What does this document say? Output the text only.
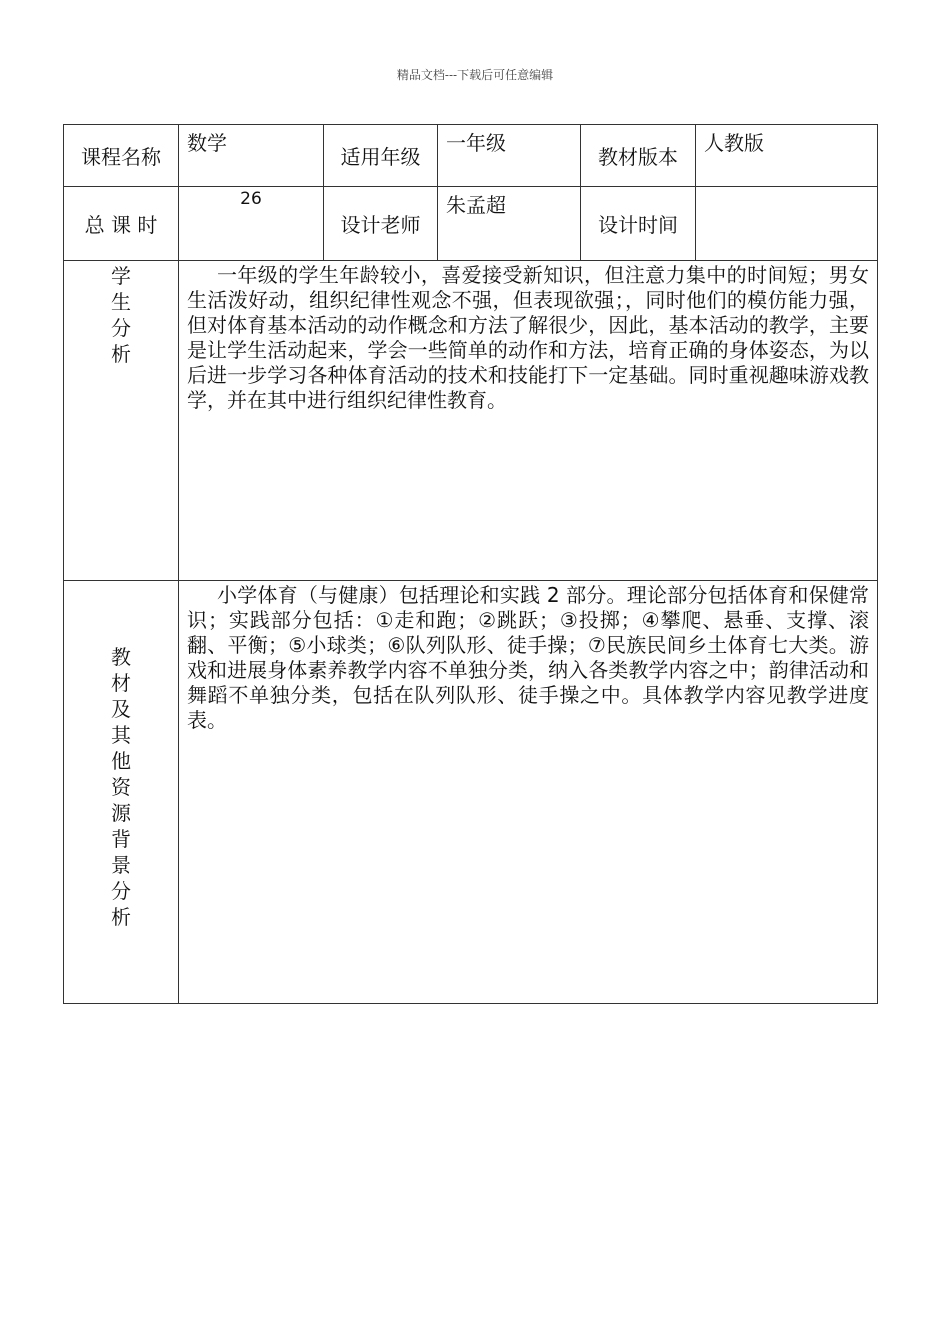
精品文档---下载后可任意编辑
课程名称	数学	适用年级	一年级	教材版本	人教版
总 课 时	26	设计老师	朱孟超	设计时间	

学生分析	一年级的学生年龄较小，喜爱接受新知识，但注意力集中的时间短；男女生活泼好动，组织纪律性观念不强，但表现欲强；，同时他们的模仿能力强，但对体育基本活动的动作概念和方法了解很少，因此，基本活动的教学，主要是让学生活动起来，学会一些简单的动作和方法，培育正确的身体姿态，为以后进一步学习各种体育活动的技术和技能打下一定基础。同时重视趣味游戏教学，并在其中进行组织纪律性教育。				

教材及其他资源背景分析	小学体育（与健康）包括理论和实践 2 部分。理论部分包括体育和保健常识；实践部分包括：①走和跑；②跳跃；③投掷；④攀爬、悬垂、支撑、滚翻、平衡；⑤小球类；⑥队列队形、徒手操；⑦民族民间乡土体育七大类。游戏和进展身体素养教学内容不单独分类，纳入各类教学内容之中；韵律活动和舞蹈不单独分类，包括在队列队形、徒手操之中。具体教学内容见教学进度表。				
